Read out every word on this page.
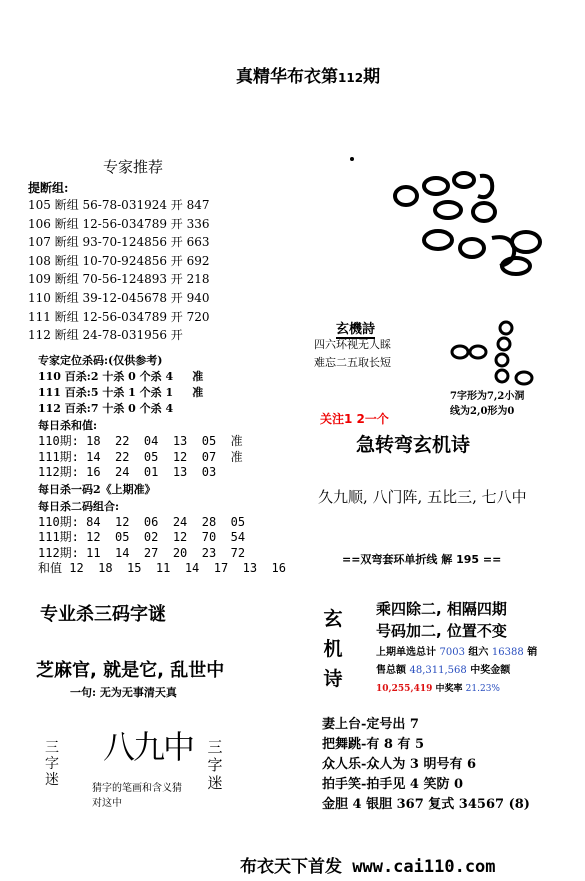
真精华布衣第112期
专家推荐
提断组:
105 断组 56-78-031924 开 847
106 断组 12-56-034789 开 336
107 断组 93-70-124856 开 663
108 断组 10-70-924856 开 692
109 断组 70-56-124893 开 218
110 断组 39-12-045678 开 940
111 断组 12-56-034789 开 720
112 断组 24-78-031956 开
专家定位杀码:(仅供参考)
110 百杀:2 十杀 0 个杀 4     准
111 百杀:5 十杀 1 个杀 1     准
112 百杀:7 十杀 0 个杀 4
每日杀和值:
110期: 18  22  04  13  05  准
111期: 14  22  05  12  07  准
112期: 16  24  01  13  03
每日杀一码2《上期准》
每日杀二码组合:
110期: 84  12  06  24  28  05
111期: 12  05  02  12  70  54
112期: 11  14  27  20  23  72
和值 12  18  15  11  14  17  13  16
专业杀三码字谜
芝麻官, 就是它, 乱世中
一句: 无为无事清天真
三
字
迷
八九中 三
字
迷
猜字的笔画和含义猜
对这中
玄機詩
四六环视无人睬
难忘二五取长短
7字形为7,2小洞
线为2,0形为0
关注1 2一个
急转弯玄机诗
久九顺, 八门阵, 五比三, 七八中
==双弯套环单折线 解 195 ==
玄
机
诗
乘四除二, 相隔四期
号码加二, 位置不变
上期单选总计 7003 组六 16388 销
售总额 48,311,568 中奖金额
10,255,419 中奖率 21.23%
妻上台-定号出 7
把舞跳-有 8 有 5
众人乐-众人为 3 明号有 6
拍手笑-拍手见 4 笑防 0
金胆 4 银胆 367 复式 34567 (8)
布衣天下首发 www.cai110.com
